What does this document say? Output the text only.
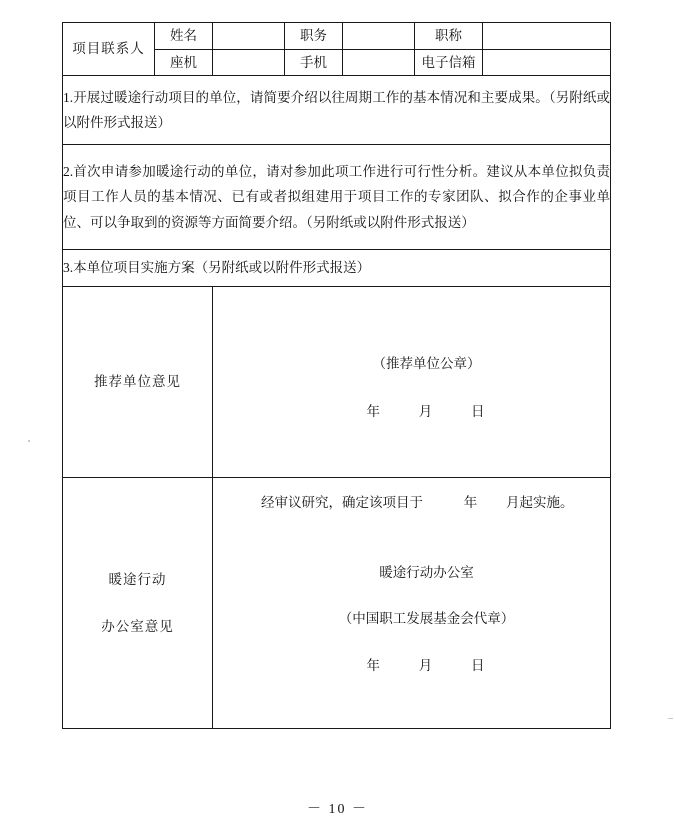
项目联系人	姓名		职务		职称	
	座机		手机		电子信箱	
1.开展过暖途行动项目的单位，请简要介绍以往周期工作的基本情况和主要成果。（另附纸或以附件形式报送）						
2.首次申请参加暖途行动的单位，请对参加此项工作进行可行性分析。建议从本单位拟负责项目工作人员的基本情况、已有或者拟组建用于项目工作的专家团队、拟合作的企事业单位、可以争取到的资源等方面简要介绍。（另附纸或以附件形式报送）						
3.本单位项目实施方案（另附纸或以附件形式报送）						

推荐单位意见		（推荐单位公章）
年 月 日				

暖途行动
办公室意见

经审议研究，确定该项目于	年 月起实施。
暖途行动办公室
（中国职工发展基金会代章）
年	月	日
－ 10 －
